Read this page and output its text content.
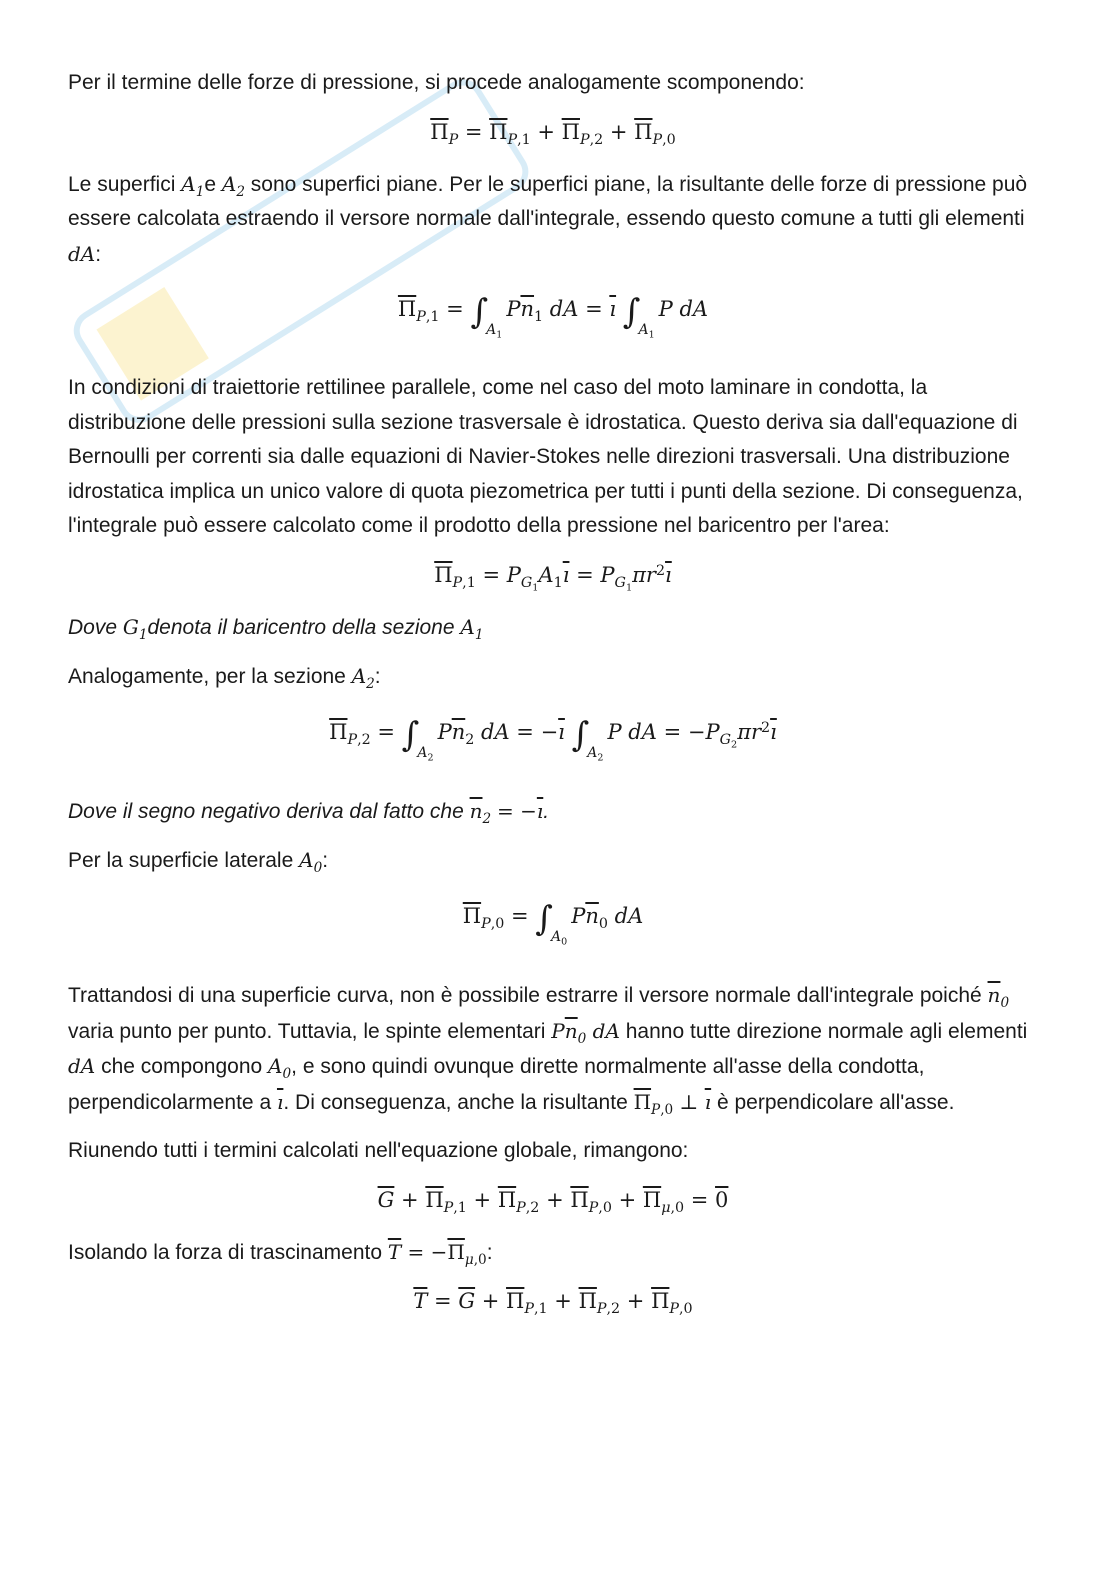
Per il termine delle forze di pressione, si procede analogamente scomponendo:

$\overline{\Pi}_P = \overline{\Pi}_{P,1} + \overline{\Pi}_{P,2} + \overline{\Pi}_{P,0}$

Le superfici $A_1e$ $A_2$ sono superfici piane. Per le superfici piane, la risultante delle forze di pressione può essere calcolata estraendo il versore normale dall'integrale, essendo questo comune a tutti gli elementi dA:

$\overline{\Pi}_{P,1} = \int_{A_1}P\overline{n}_1$ dA = $\overline{ı}$ $\int_{A_1}P$ dA

In condizioni di traiettorie rettilinee parallele, come nel caso del moto laminare in condotta, la distribuzione delle pressioni sulla sezione trasversale è idrostatica. Questo deriva sia dall'equazione di Bernoulli per correnti sia dalle equazioni di Navier-Stokes nelle direzioni trasversali. Una distribuzione idrostatica implica un unico valore di quota piezometrica per tutti i punti della sezione. Di conseguenza, l'integrale può essere calcolato come il prodotto della pressione nel baricentro per l'area:

$\overline{\Pi}_{P,1} = P_{G_1}A_1\overline{ı} = P_{G_1}\pi r^2\overline{ı}$

Dove $G_1denota$ il baricentro della sezione $A_1$

Analogamente, per la sezione $A_2$:

$\overline{\Pi}_{P,2} = \int_{A_2}P\overline{n}_2$ dA = $-\overline{ı}$ $\int_{A_2}P$ dA = $-P_{G_2}\pi r^2\overline{ı}$

Dove il segno negativo deriva dal fatto che $\overline{n}_2 = -\overline{ı}$.

Per la superficie laterale $A_0$:

$\overline{\Pi}_{P,0} = \int_{A_0}P\overline{n}_0$ dA

Trattandosi di una superficie curva, non è possibile estrarre il versore normale dall'integrale poiché $\overline{n}_0$ varia punto per punto. Tuttavia, le spinte elementari $P\overline{n}_0$ dA hanno tutte direzione normale agli elementi dA che compongono $A_0$, e sono quindi ovunque dirette normalmente all'asse della condotta, perpendicolarmente a $\overline{ı}$. Di conseguenza, anche la risultante $\overline{\Pi}_{P,0}$ ⊥ $\overline{ı}$ è perpendicolare all'asse.

Riunendo tutti i termini calcolati nell'equazione globale, rimangono:

$\overline{G} + \overline{\Pi}_{P,1} + \overline{\Pi}_{P,2} + \overline{\Pi}_{P,0} + \overline{\Pi}_{\mu,0} = 0$

Isolando la forza di trascinamento $\overline{T} = -\overline{\Pi}_{\mu,0}$:

$\overline{T} = \overline{G} + \overline{\Pi}_{P,1} + \overline{\Pi}_{P,2} + \overline{\Pi}_{P,0}$
